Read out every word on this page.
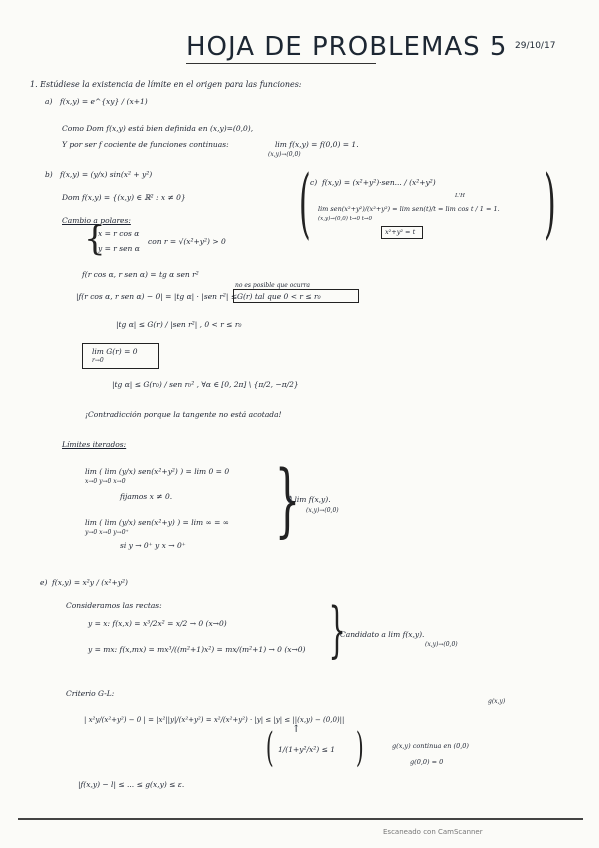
HOJA DE PROBLEMAS 5 29/10/17
1. Estúdiese la existencia de límite en el origen para las funciones:
a) f(x,y) = e^{xy} / (x+1)
Como Dom f(x,y) está bien definida en (x,y)=(0,0),
Y por ser f cociente de funciones continuas:	lim f(x,y) = f(0,0) = 1.
(x,y)→(0,0)
b) f(x,y) = (y/x) sin(x² + y²)
Dom f(x,y) = {(x,y) ∈ ℝ² : x ≠ 0}
Cambio a polares:
{
x = r cos α
y = r sen α
con r = √(x²+y²) > 0
f(r cos α, r sen α) = tg α sen r²
no es posible que ocurra
|f(r cos α, r sen α) − 0| = |tg α| · |sen r²| ≤ G(r) tal que 0 < r ≤ r₀
|tg α| ≤ G(r) / |sen r²| , 0 < r ≤ r₀
lim G(r) = 0
r→0
|tg α| ≤ G(r₀) / sen r₀² , ∀α ∈ [0, 2π] \ {π/2, −π/2}
¡Contradicción porque la tangente no está acotada!
Límites iterados:
lim ( lim (y/x) sen(x²+y²) ) = lim 0 = 0
x→0 y→0 x→0
fijamos x ≠ 0.
lim ( lim (y/x) sen(x²+y) ) = lim ∞ = ∞
y→0 x→0 y→0⁺
si y → 0⁺ y x → 0⁺ }
∄ lim f(x,y).
(x,y)→(0,0)
( c) f(x,y) = (x²+y²)·sen... / (x²+y²)
lim sen(x²+y²)/(x²+y²) = lim sen(t)/t = lim cos t / 1 = 1.
(x,y)→(0,0) t→0 t→0
L'H
x²+y² = t )
e) f(x,y) = x²y / (x²+y²)
Consideramos las rectas:
y = x: f(x,x) = x³/2x² = x/2 → 0 (x→0)
y = mx: f(x,mx) = mx³/((m²+1)x²) = mx/(m²+1) → 0 (x→0) }
Candidato a lim f(x,y).
(x,y)→(0,0)
Criterio G-L:
g(x,y)
| x²y/(x²+y²) − 0 | = |x²||y|/(x²+y²) = x²/(x²+y²) · |y| ≤ |y| ≤ ||(x,y) − (0,0)||
↑
( 1/(1+y²/x²) ≤ 1 )	g(x,y) continua en (0,0)
g(0,0) = 0
|f(x,y) − l| ≤ ... ≤ g(x,y) ≤ ε.
Escaneado con CamScanner
